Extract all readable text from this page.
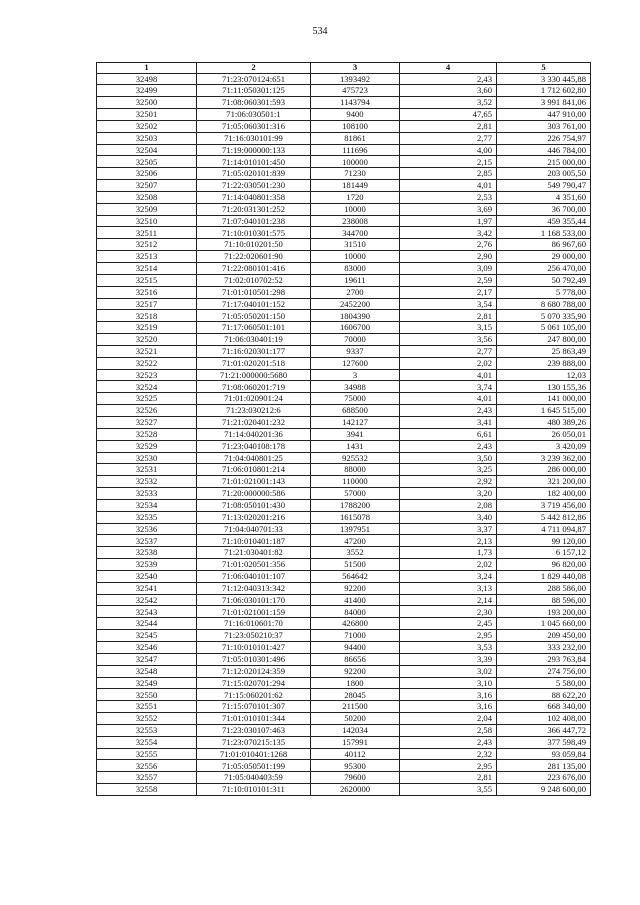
534
1	2	3	4	5
32498	71:23:070124:651	1393492	2,43	3 330 445,88
32499	71:11:050301:125	475723	3,60	1 712 602,80
32500	71:08:060301:593	1143794	3,52	3 991 841,06
32501	71:06:030501:1	9400	47,65	447 910,00
32502	71:05:060301:316	108100	2,81	303 761,00
32503	71:16:030101:99	81861	2,77	226 754,97
32504	71:19:000000:133	111696	4,00	446 784,00
32505	71:14:010101:450	100000	2,15	215 000,00
32506	71:05:020101:839	71230	2,85	203 005,50
32507	71:22:030501:230	181449	4,01	549 790,47
32508	71:14:040801:358	1720	2,53	4 351,60
32509	71:20:031301:252	10000	3,69	36 700,00
32510	71:07:040101:238	238008	1,97	459 355,44
32511	71:10:010301:575	344700	3,42	1 168 533,00
32512	71:10:010201:50	31510	2,76	86 967,60
32513	71:22:020601:90	10000	2,90	29 000,00
32514	71:22:080101:416	83000	3,09	256 470,00
32515	71:02:010702:52	19611	2,59	50 792,49
32516	71:01:010501:298	2700	2,17	5 778,00
32517	71:17:040101:152	2452200	3,54	8 680 788,00
32518	71:05:050201:150	1804390	2,81	5 070 335,90
32519	71:17:060501:101	1606700	3,15	5 061 105,00
32520	71:06:030401:19	70000	3,56	247 800,00
32521	71:16:020301:177	9337	2,77	25 863,49
32522	71:01:020201:518	127600	2,02	239 888,00
32523	71:21:000000:5680	3	4,01	12,03
32524	71:08:060201:719	34988	3,74	130 155,36
32525	71:01:020901:24	75000	4,01	141 000,00
32526	71:23:030212:6	688500	2,43	1 645 515,00
32527	71:21:020401:232	142127	3,41	480 389,26
32528	71:14:040201:36	3941	6,61	26 050,01
32529	71:23:040108:178	1431	2,43	3 420,09
32530	71:04:040801:25	925532	3,50	3 239 362,00
32531	71:06:010801:214	88000	3,25	286 000,00
32532	71:01:021001:143	110000	2,92	321 200,00
32533	71:20:000000:586	57000	3,20	182 400,00
32534	71:08:050101:430	1788200	2,08	3 719 456,00
32535	71:13:020201:216	1615078	3,40	5 442 812,86
32536	71:04:040701:33	1397951	3,37	4 711 094,87
32537	71:10:010401:187	47200	2,13	99 120,00
32538	71:21:030401:82	3552	1,73	6 157,12
32539	71:01:020501:356	51500	2,02	96 820,00
32540	71:06:040101:107	564642	3,24	1 829 440,08
32541	71:12:040313:342	92200	3,13	288 586,00
32542	71:06:030101:170	41400	2,14	88 596,00
32543	71:01:021001:159	84000	2,30	193 200,00
32544	71:16:010601:70	426800	2,45	1 045 660,00
32545	71:23:050210:37	71000	2,95	209 450,00
32546	71:10:010101:427	94400	3,53	333 232,00
32547	71:05:010301:496	86656	3,39	293 763,84
32548	71:12:020124:359	92200	3,02	274 756,00
32549	71:15:020701:294	1800	3,10	5 580,00
32550	71:15:060201:62	28045	3,16	88 622,20
32551	71:15:070101:307	211500	3,16	668 340,00
32552	71:01:010101:344	50200	2,04	102 408,00
32553	71:23:030107:463	142034	2,58	366 447,72
32554	71:23:070215:135	157991	2,43	377 598,49
32555	71:01:010401:1268	40112	2,32	93 059,84
32556	71:05:050501:199	95300	2,95	281 135,00
32557	71:05:040403:59	79600	2,81	223 676,00
32558	71:10:010101:311	2620000	3,55	9 248 600,00
